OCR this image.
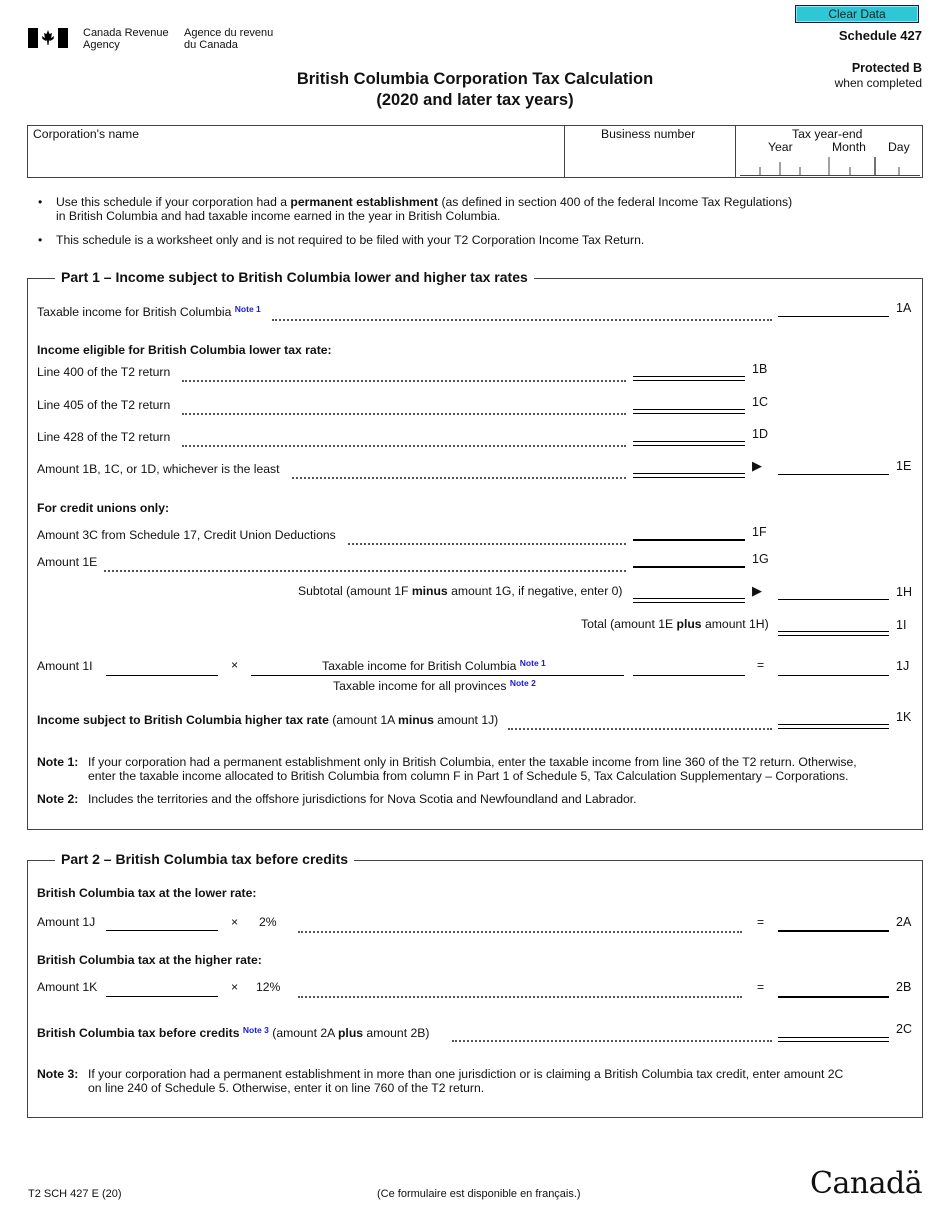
Canada Revenue
Agency
Agence du revenu
du Canada
Clear Data
Schedule 427
Protected B
when completed
British Columbia Corporation Tax Calculation
(2020 and later tax years)
Corporation's name	Business number	Tax year-end
Year	Month Day
• Use this schedule if your corporation had a permanent establishment (as defined in section 400 of the federal Income Tax Regulations)
in British Columbia and had taxable income earned in the year in British Columbia.
• This schedule is a worksheet only and is not required to be filed with your T2 Corporation Income Tax Return.
Part 1 – Income subject to British Columbia lower and higher tax rates
Taxable income for British Columbia $^{Note 1}$	1A
Income eligible for British Columbia lower tax rate:
Line 400 of the T2 return	1B
Line 405 of the T2 return	1C
Line 428 of the T2 return	1D
Amount 1B, 1C, or 1D, whichever is the least	▶	1E
For credit unions only:
Amount 3C from Schedule 17, Credit Union Deductions	1F
Amount 1E	1G
Subtotal (amount 1F minus amount 1G, if negative, enter 0)	▶	1H
Total (amount 1E plus amount 1H)	1I
Amount 1I	×	Taxable income for British Columbia $^{Note 1}$
Taxable income for all provinces $^{Note 2}$
=	1J
Income subject to British Columbia higher tax rate (amount 1A minus amount 1J)	1K
Note 1: If your corporation had a permanent establishment only in British Columbia, enter the taxable income from line 360 of the T2 return. Otherwise,
enter the taxable income allocated to British Columbia from column F in Part 1 of Schedule 5, Tax Calculation Supplementary – Corporations.
Note 2: Includes the territories and the offshore jurisdictions for Nova Scotia and Newfoundland and Labrador.
Part 2 – British Columbia tax before credits
British Columbia tax at the lower rate:
Amount 1J	× 2%	=	2A
British Columbia tax at the higher rate:
Amount 1K	× 12%	=	2B
British Columbia tax before credits $^{Note 3}$ (amount 2A plus amount 2B)	2C
Note 3: If your corporation had a permanent establishment in more than one jurisdiction or is claiming a British Columbia tax credit, enter amount 2C
on line 240 of Schedule 5. Otherwise, enter it on line 760 of the T2 return.
T2 SCH 427 E (20)	(Ce formulaire est disponible en français.)	Canadä
